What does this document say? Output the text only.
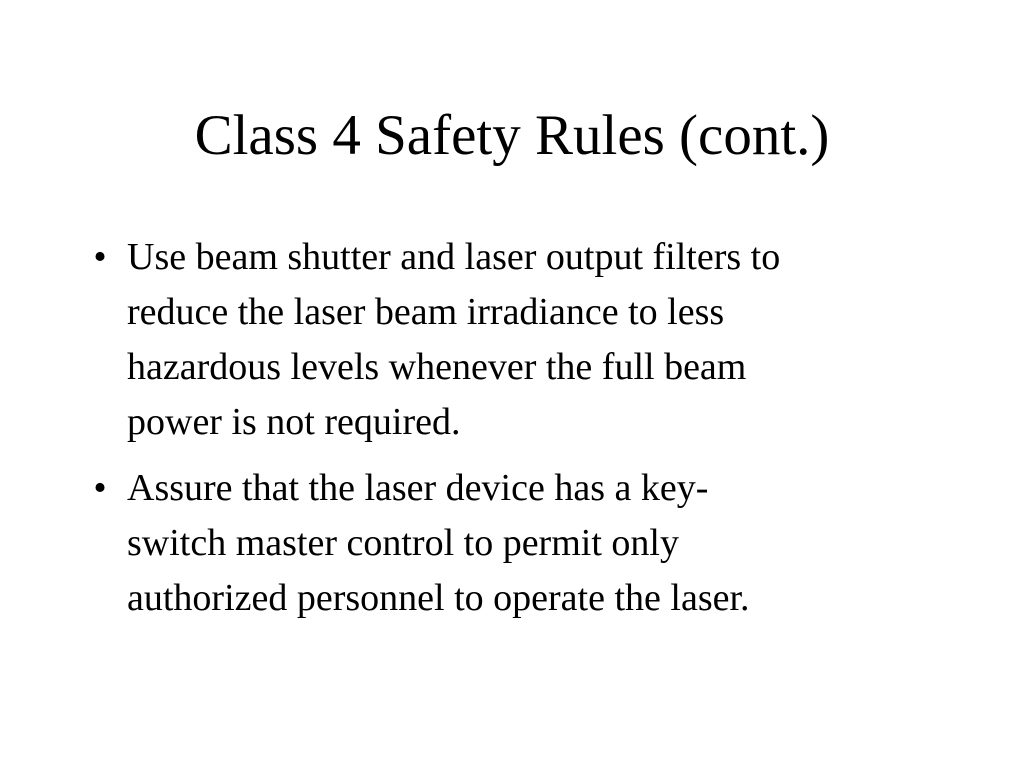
Class 4 Safety Rules (cont.)
• Use beam shutter and laser output filters to
reduce the laser beam irradiance to less
hazardous levels whenever the full beam
power is not required.
• Assure that the laser device has a key-
switch master control to permit only
authorized personnel to operate the laser.
